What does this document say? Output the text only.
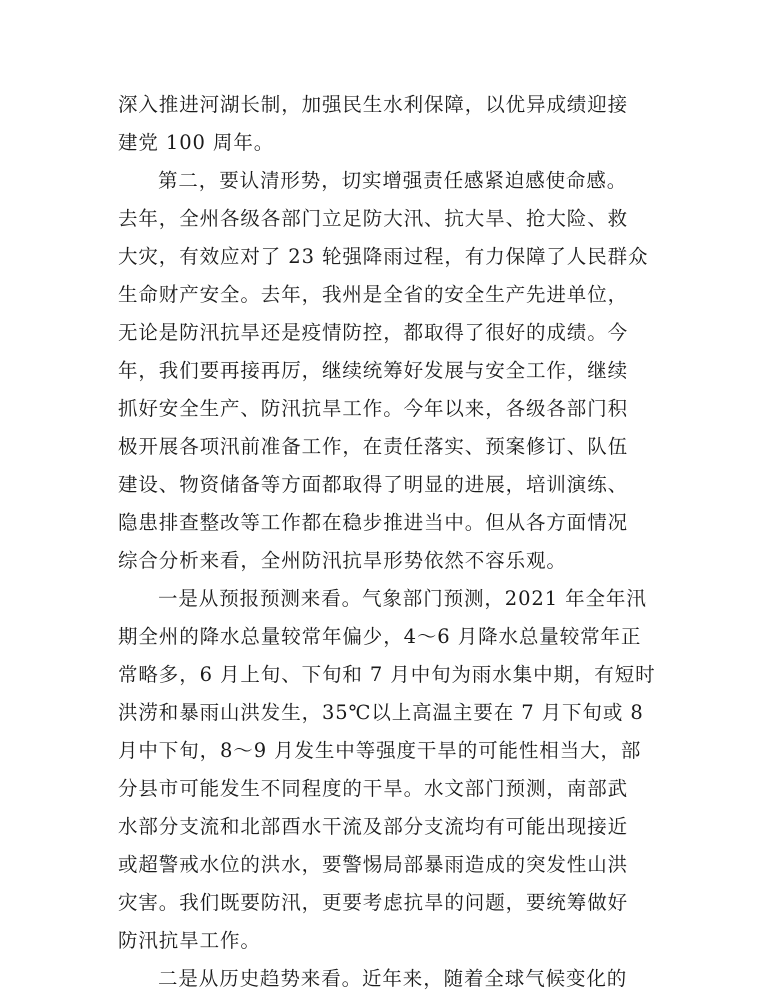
深入推进河湖长制，加强民生水利保障，以优异成绩迎接
建党 100 周年。
第二，要认清形势，切实增强责任感紧迫感使命感。
去年，全州各级各部门立足防大汛、抗大旱、抢大险、救
大灾，有效应对了 23 轮强降雨过程，有力保障了人民群众
生命财产安全。去年，我州是全省的安全生产先进单位，
无论是防汛抗旱还是疫情防控，都取得了很好的成绩。今
年，我们要再接再厉，继续统筹好发展与安全工作，继续
抓好安全生产、防汛抗旱工作。今年以来，各级各部门积
极开展各项汛前准备工作，在责任落实、预案修订、队伍
建设、物资储备等方面都取得了明显的进展，培训演练、
隐患排查整改等工作都在稳步推进当中。但从各方面情况
综合分析来看，全州防汛抗旱形势依然不容乐观。
一是从预报预测来看。气象部门预测，2021 年全年汛
期全州的降水总量较常年偏少，4～6 月降水总量较常年正
常略多，6 月上旬、下旬和 7 月中旬为雨水集中期，有短时
洪涝和暴雨山洪发生，35℃以上高温主要在 7 月下旬或 8
月中下旬，8～9 月发生中等强度干旱的可能性相当大，部
分县市可能发生不同程度的干旱。水文部门预测，南部武
水部分支流和北部酉水干流及部分支流均有可能出现接近
或超警戒水位的洪水，要警惕局部暴雨造成的突发性山洪
灾害。我们既要防汛，更要考虑抗旱的问题，要统筹做好
防汛抗旱工作。
二是从历史趋势来看。近年来，随着全球气候变化的
